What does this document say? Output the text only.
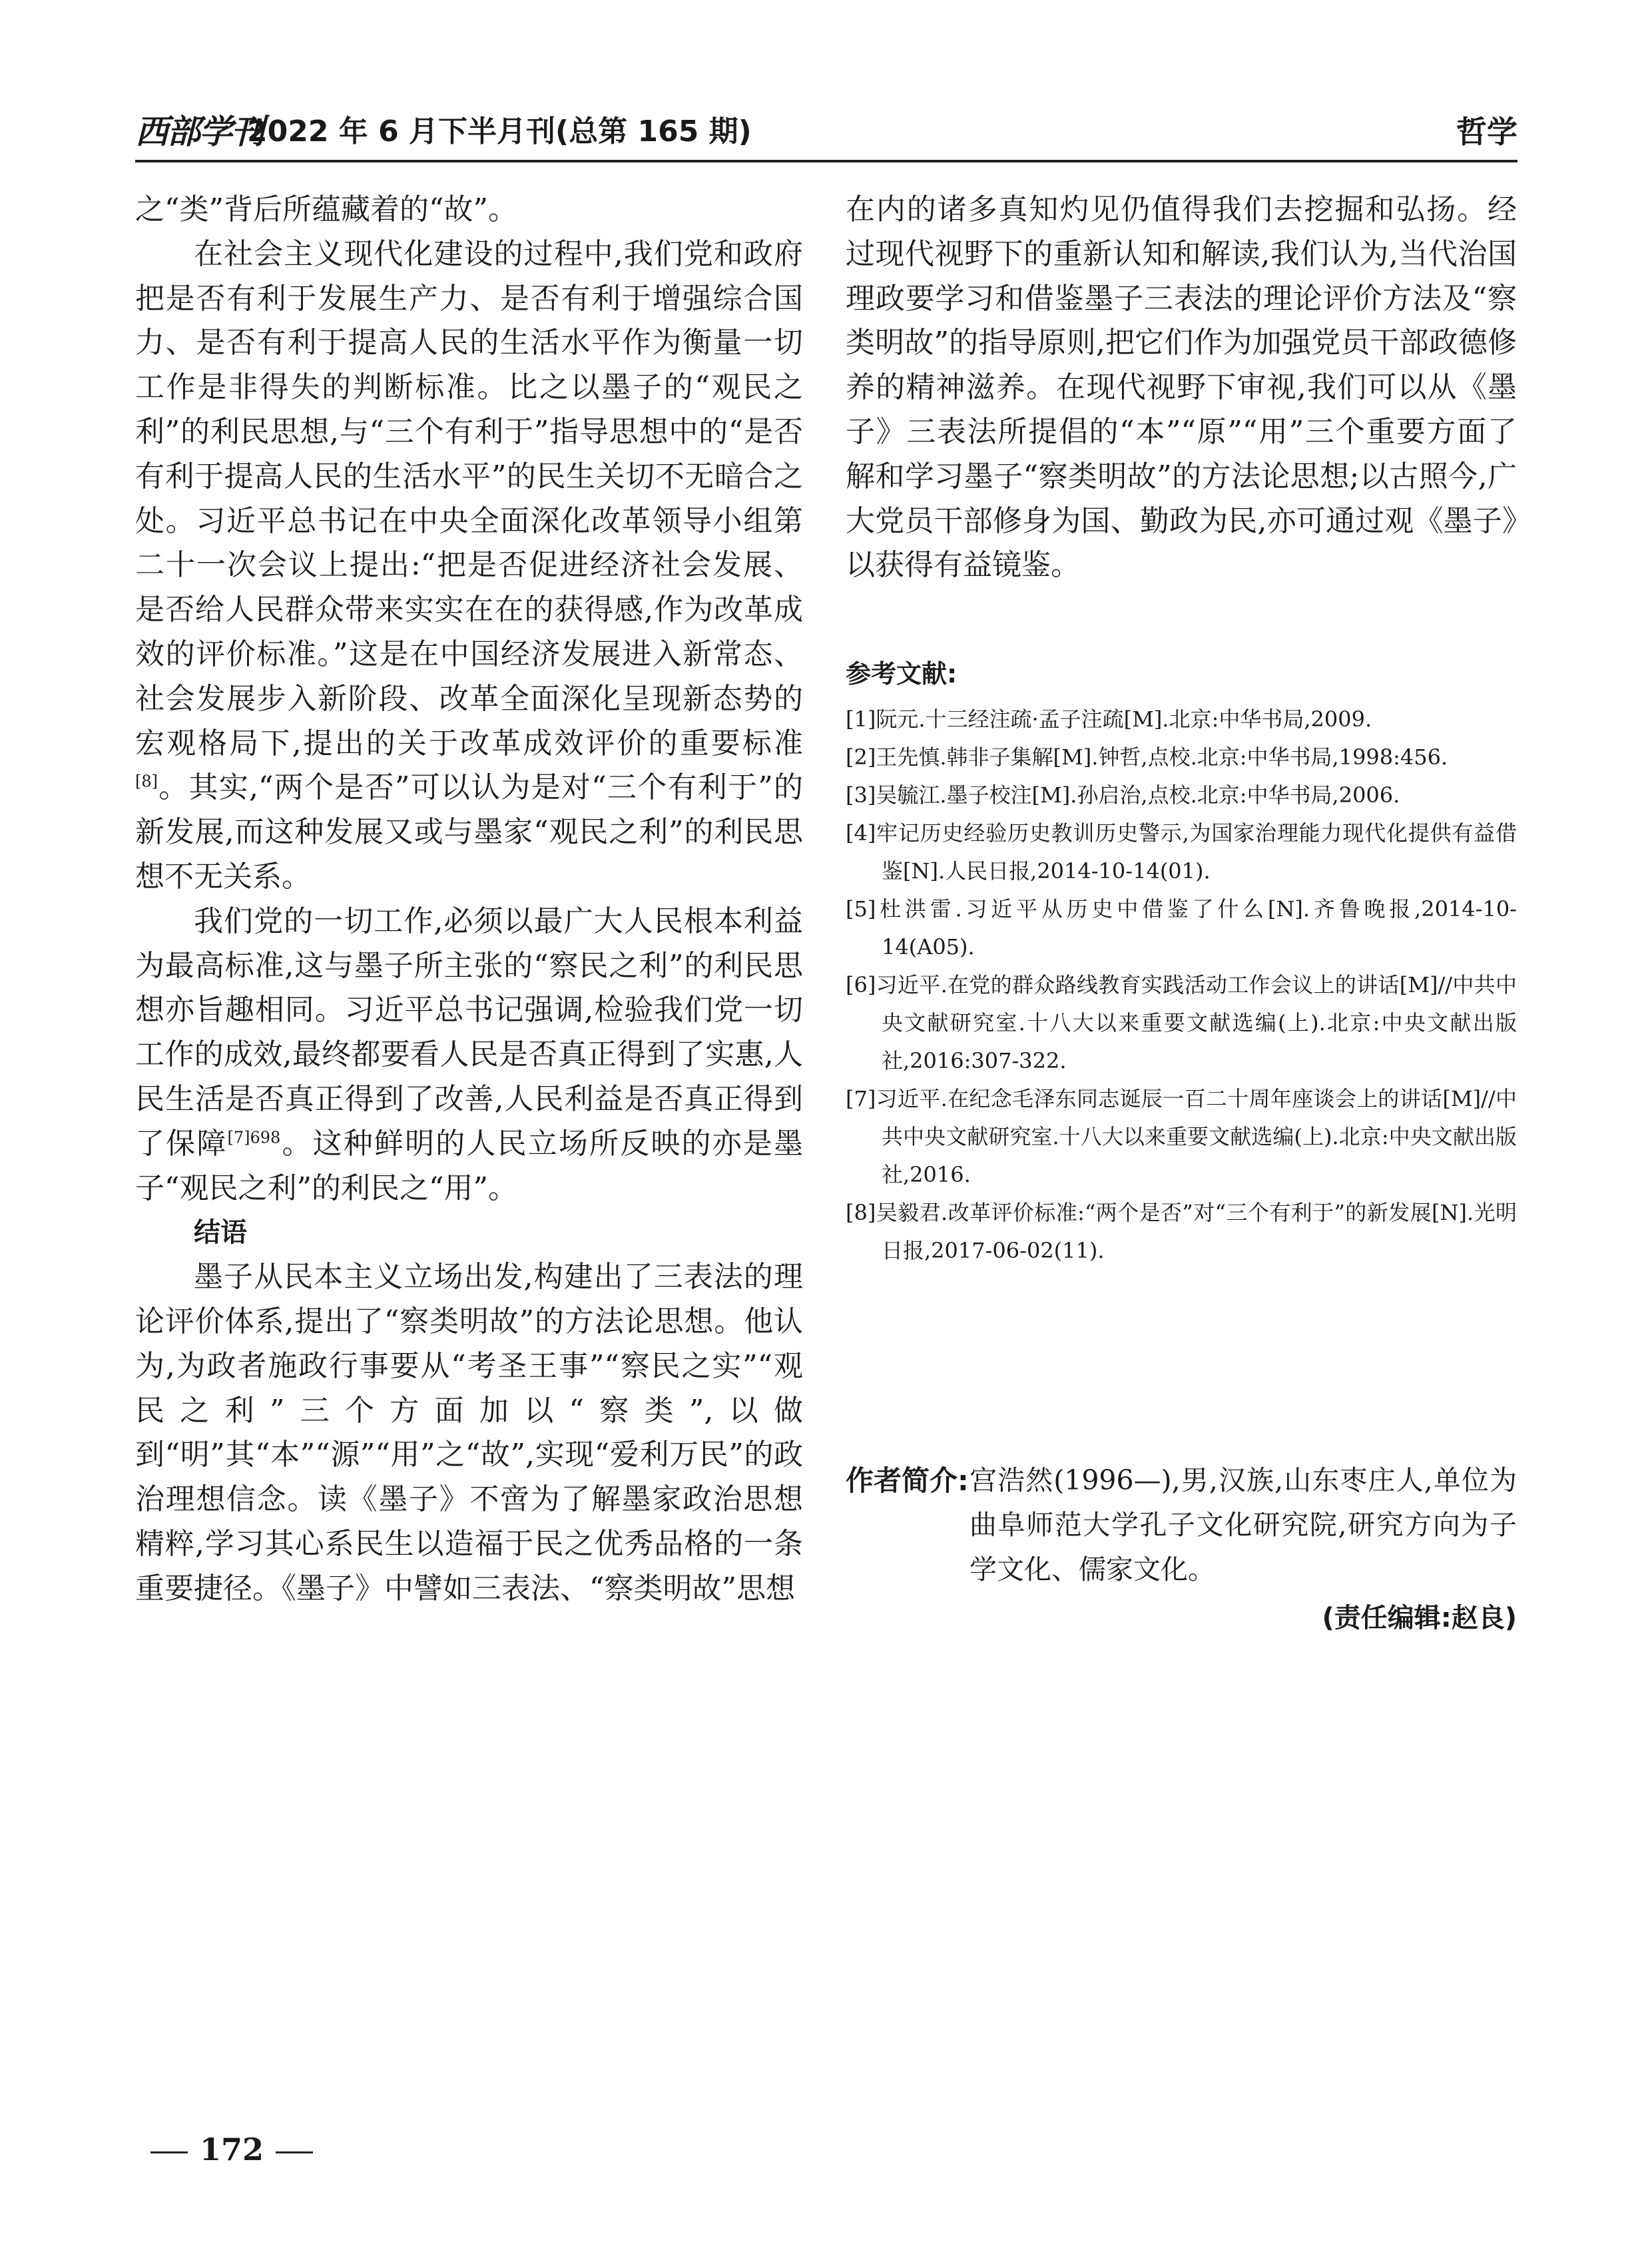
西部学刊
2022 年 6 月下半月刊(总第 165 期)	哲学

之“类”背后所蕴藏着的“故”。

在社会主义现代化建设的过程中,我们党和政府把是否有利于发展生产力、是否有利于增强综合国力、是否有利于提高人民的生活水平作为衡量一切工作是非得失的判断标准。比之以墨子的“观民之利”的利民思想,与“三个有利于”指导思想中的“是否有利于提高人民的生活水平”的民生关切不无暗合之处。习近平总书记在中央全面深化改革领导小组第二十一次会议上提出:“把是否促进经济社会发展、是否给人民群众带来实实在在的获得感,作为改革成效的评价标准。”这是在中国经济发展进入新常态、社会发展步入新阶段、改革全面深化呈现新态势的宏观格局下,提出的关于改革成效评价的重要标准[8]。其实,“两个是否”可以认为是对“三个有利于”的新发展,而这种发展又或与墨家“观民之利”的利民思想不无关系。

我们党的一切工作,必须以最广大人民根本利益为最高标准,这与墨子所主张的“察民之利”的利民思想亦旨趣相同。习近平总书记强调,检验我们党一切工作的成效,最终都要看人民是否真正得到了实惠,人民生活是否真正得到了改善,人民利益是否真正得到了保障$^{[7]698}$。这种鲜明的人民立场所反映的亦是墨子“观民之利”的利民之“用”。

结语

墨子从民本主义立场出发,构建出了三表法的理论评价体系,提出了“察类明故”的方法论思想。他认为,为政者施政行事要从“考圣王事”“察民之实”“观民之利”三个方面加以“察类”,以做到“明”其“本”“源”“用”之“故”,实现“爱利万民”的政治理想信念。读《墨子》不啻为了解墨家政治思想精粹,学习其心系民生以造福于民之优秀品格的一条重要捷径。《墨子》中譬如三表法、“察类明故”思想

在内的诸多真知灼见仍值得我们去挖掘和弘扬。经过现代视野下的重新认知和解读,我们认为,当代治国理政要学习和借鉴墨子三表法的理论评价方法及“察类明故”的指导原则,把它们作为加强党员干部政德修养的精神滋养。在现代视野下审视,我们可以从《墨子》三表法所提倡的“本”“原”“用”三个重要方面了解和学习墨子“察类明故”的方法论思想;以古照今,广大党员干部修身为国、勤政为民,亦可通过观《墨子》以获得有益镜鉴。

参考文献:
[1]阮元.十三经注疏·孟子注疏[M].北京:中华书局,2009.
[2]王先慎.韩非子集解[M].钟哲,点校.北京:中华书局,1998:456.
[3]吴毓江.墨子校注[M].孙启治,点校.北京:中华书局,2006.
[4]牢记历史经验历史教训历史警示,为国家治理能力现代化提供有益借鉴[N].人民日报,2014-10-14(01).
[5]杜洪雷.习近平从历史中借鉴了什么[N].齐鲁晚报,2014-10-14(A05).
[6]习近平.在党的群众路线教育实践活动工作会议上的讲话[M]//中共中央文献研究室.十八大以来重要文献选编(上).北京:中央文献出版社,2016:307-322.
[7]习近平.在纪念毛泽东同志诞辰一百二十周年座谈会上的讲话[M]//中共中央文献研究室.十八大以来重要文献选编(上).北京:中央文献出版社,2016.
[8]吴毅君.改革评价标准:“两个是否”对“三个有利于”的新发展[N].光明日报,2017-06-02(11).
作者简介: 宫浩然(1996—),男,汉族,山东枣庄人,单位为曲阜师范大学孔子文化研究院,研究方向为子学文化、儒家文化。
(责任编辑:赵良)
172
